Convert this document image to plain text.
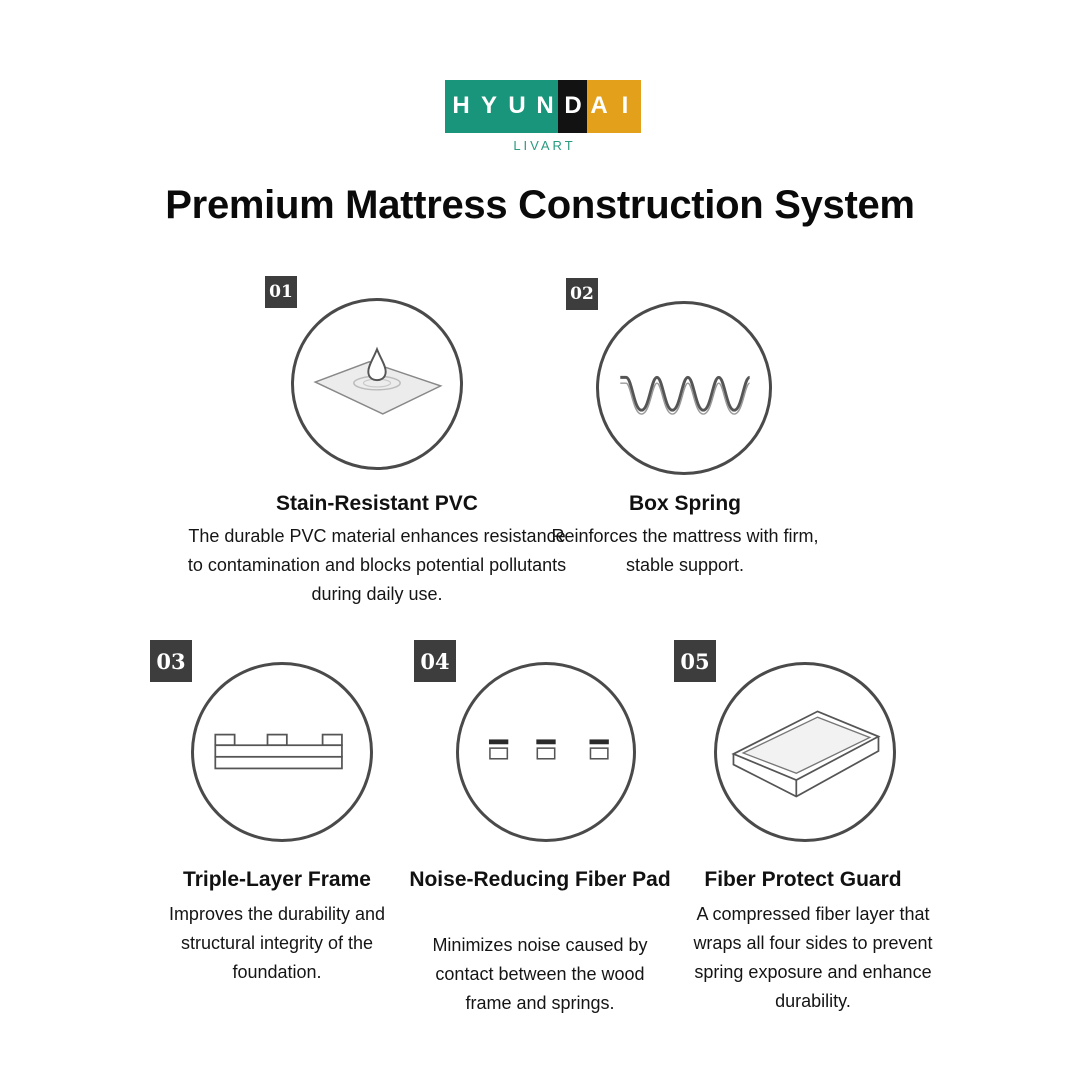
H Y U N D A I
LIVART
Premium Mattress Construction System
01
Stain-Resistant PVC
The durable PVC material enhances resistance to contamination and blocks potential pollutants during daily use.
02
Box Spring
Reinforces the mattress with firm, stable support.
03
Triple-Layer Frame
Improves the durability and structural integrity of the foundation.
04
Noise-Reducing Fiber Pad
Minimizes noise caused by contact between the wood frame and springs.
05
Fiber Protect Guard
A compressed fiber layer that wraps all four sides to prevent spring exposure and enhance durability.
